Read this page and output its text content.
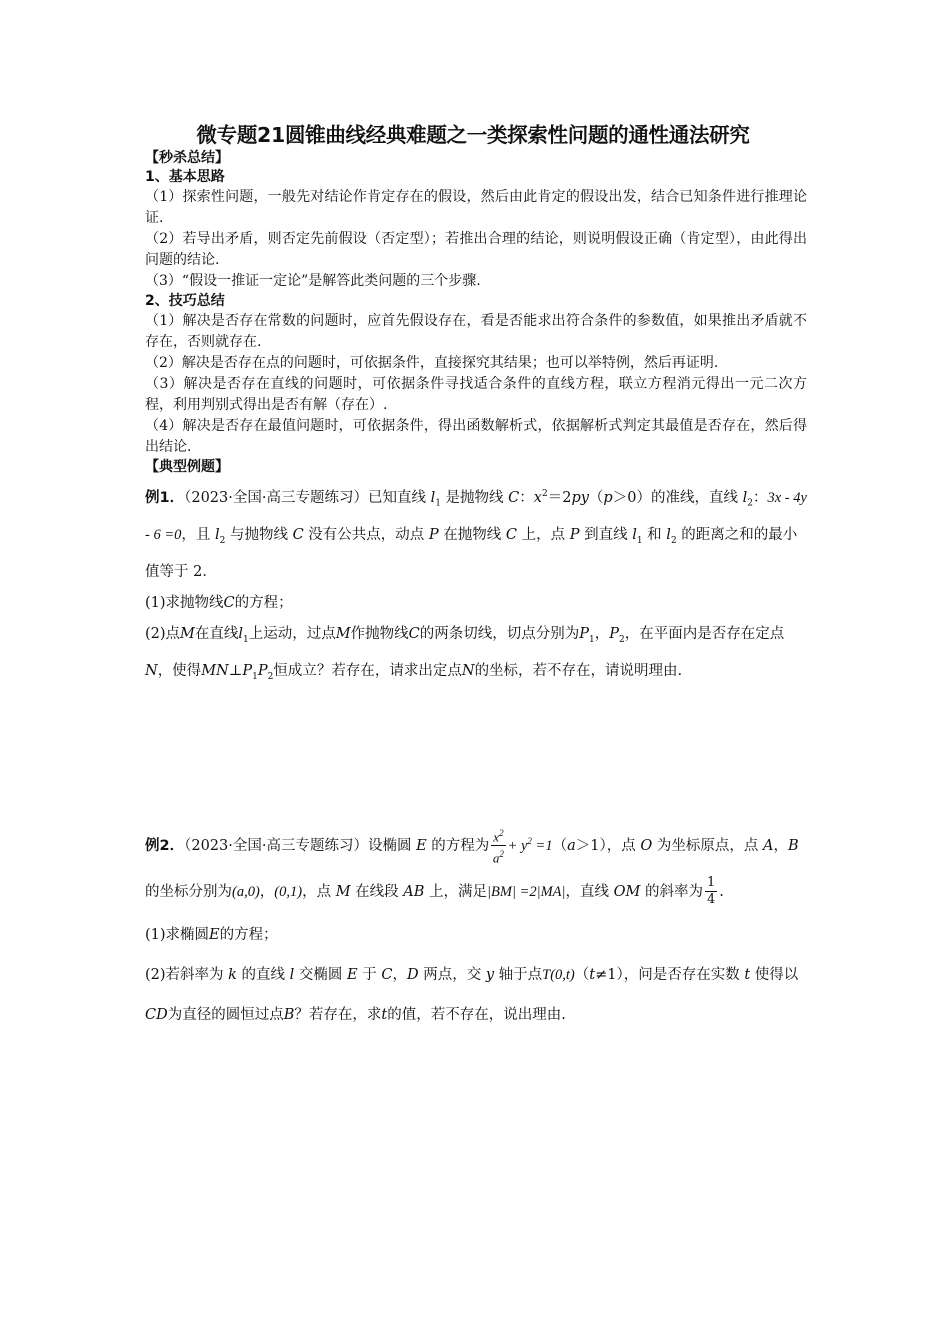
微专题21圆锥曲线经典难题之一类探索性问题的通性通法研究
【秒杀总结】
1、基本思路

（1）探索性问题，一般先对结论作肯定存在的假设，然后由此肯定的假设出发，结合已知条件进行推理论证.

（2）若导出矛盾，则否定先前假设（否定型）；若推出合理的结论，则说明假设正确（肯定型），由此得出问题的结论.

（3）“假设一推证一定论”是解答此类问题的三个步骤.

2、技巧总结

（1）解决是否存在常数的问题时，应首先假设存在，看是否能求出符合条件的参数值，如果推出矛盾就不存在，否则就存在.

（2）解决是否存在点的问题时，可依据条件，直接探究其结果；也可以举特例，然后再证明.

（3）解决是否存在直线的问题时，可依据条件寻找适合条件的直线方程，联立方程消元得出一元二次方程，利用判别式得出是否有解（存在）.

（4）解决是否存在最值问题时，可依据条件，得出函数解析式，依据解析式判定其最值是否存在，然后得出结论.

【典型例题】

例1．（2023·全国·高三专题练习）已知直线 $l_1$ 是抛物线 C：$x^2=2py(p>0)$的准线，直线 $l_2$：3x - 4y - 6 =0，且 $l_2$ 与抛物线 C 没有公共点，动点 P 在抛物线 C 上，点 P 到直线 $l_1$ 和 $l_2$ 的距离之和的最小值等于 2．

(1)求抛物线C的方程；

(2)点M在直线$l_1$上运动，过点M作抛物线C的两条切线，切点分别为$P_1$，$P_2$，在平面内是否存在定点N，使得$MN\perp P_1P_2$恒成立？若存在，请求出定点N的坐标，若不存在，请说明理由.

例2．（2023·全国·高三专题练习）设椭圆 E 的方程为 $\frac{x^2}{a^2} + y^2 =1(a>1)$，点 O 为坐标原点，点 A，B 的坐标分别为(a,0)，(0,1)，点 M 在线段 AB 上，满足|BM| =2|MA|，直线 OM 的斜率为 $\frac{1}{4}$ .

(1)求椭圆E的方程；

(2)若斜率为 k 的直线 l 交椭圆 E 于 C，D 两点，交 y 轴于点T(0,t)（t≠1），问是否存在实数 t 使得以CD为直径的圆恒过点B？若存在，求t的值，若不存在，说出理由.
